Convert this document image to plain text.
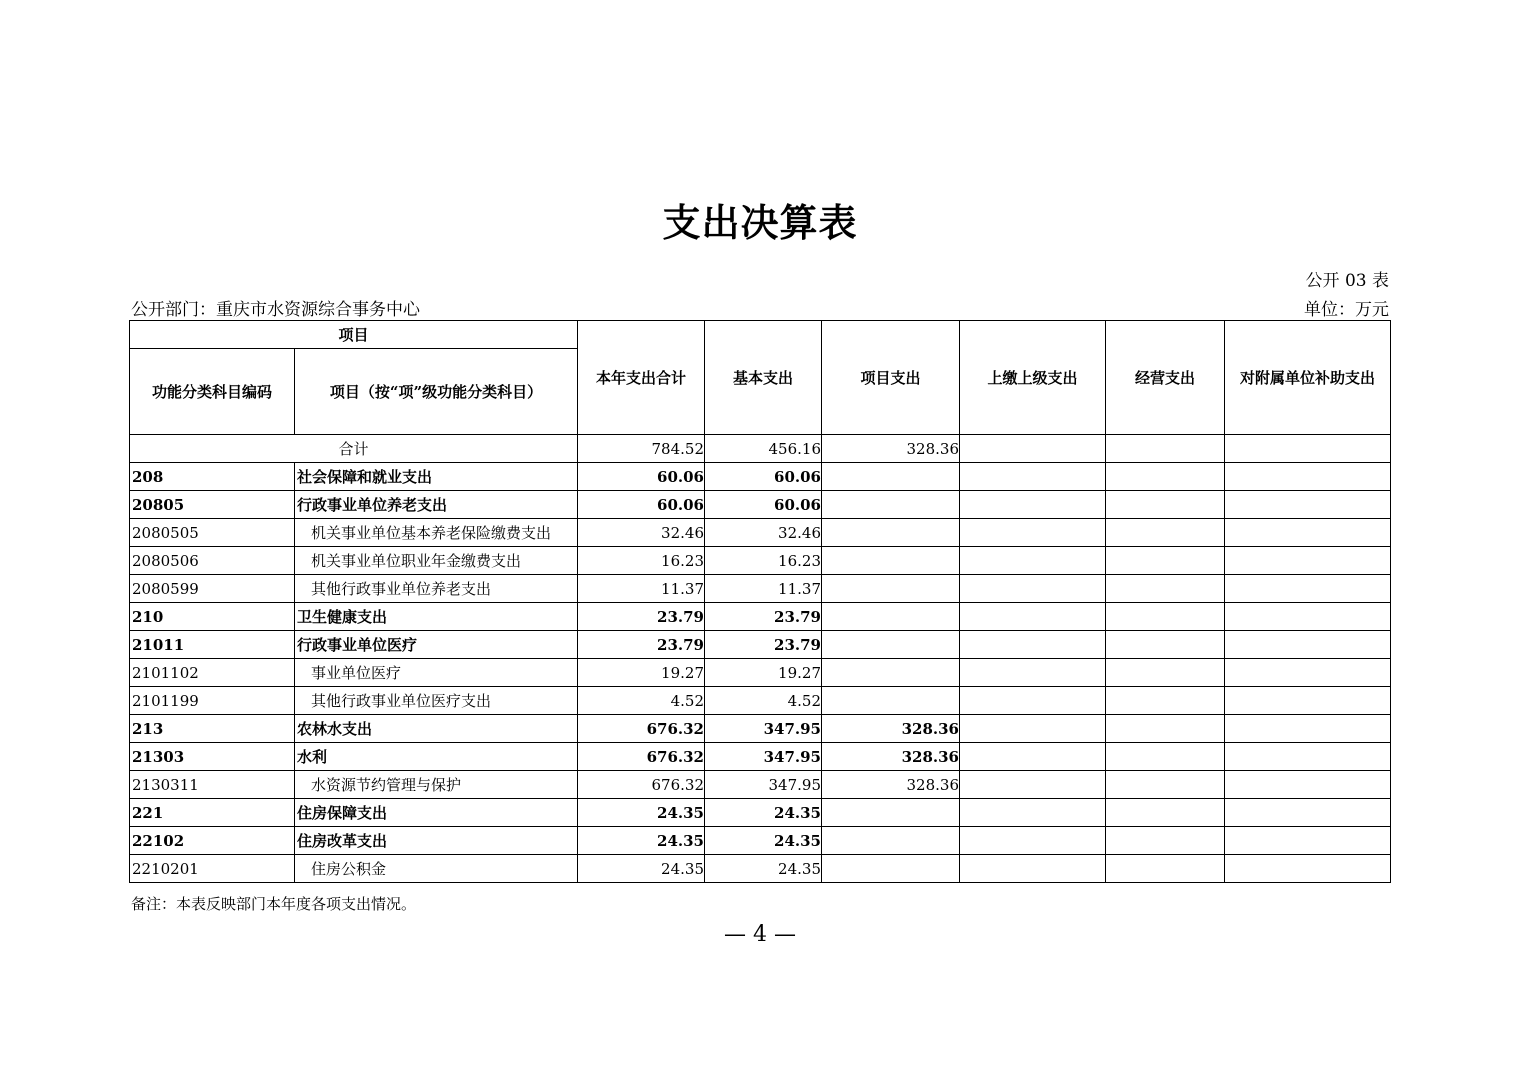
支出决算表
公开 03 表
公开部门：重庆市水资源综合事务中心	单位：万元
项目		本年支出合计	基本支出	项目支出	上缴上级支出	经营支出	对附属单位补助支出
功能分类科目编码	项目（按“项”级功能分类科目）						
合计		784.52	456.16	328.36			
208	社会保障和就业支出	60.06	60.06				
20805	行政事业单位养老支出	60.06	60.06				
2080505	机关事业单位基本养老保险缴费支出	32.46	32.46				
2080506	机关事业单位职业年金缴费支出	16.23	16.23				
2080599	其他行政事业单位养老支出	11.37	11.37				
210	卫生健康支出	23.79	23.79				
21011	行政事业单位医疗	23.79	23.79				
2101102	事业单位医疗	19.27	19.27				
2101199	其他行政事业单位医疗支出	4.52	4.52				
213	农林水支出	676.32	347.95	328.36			
21303	水利	676.32	347.95	328.36			
2130311	水资源节约管理与保护	676.32	347.95	328.36			
221	住房保障支出	24.35	24.35				
22102	住房改革支出	24.35	24.35				
2210201	住房公积金	24.35	24.35				
备注：本表反映部门本年度各项支出情况。
— 4 —
